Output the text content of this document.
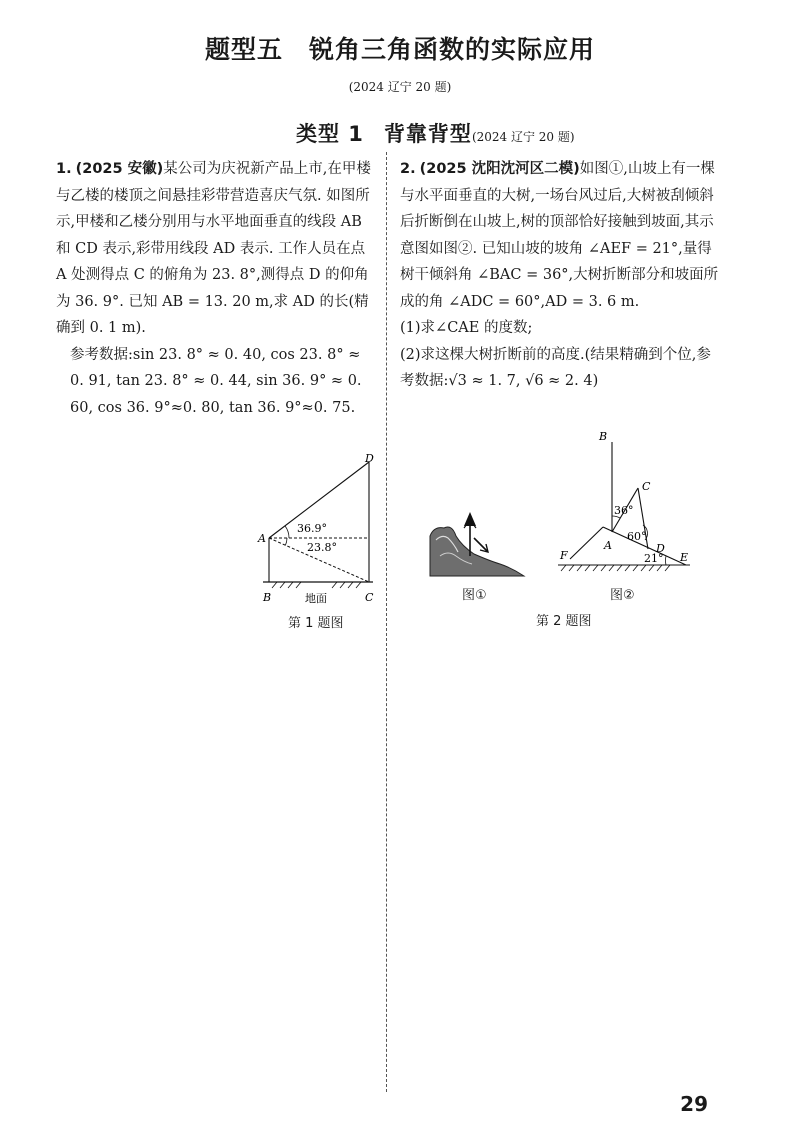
题型五 锐角三角函数的实际应用
(2024 辽宁 20 题)
类型 1 背靠背型(2024 辽宁 20 题)
1. (2025 安徽)某公司为庆祝新产品上市,在甲楼与乙楼的楼顶之间悬挂彩带营造喜庆气氛. 如图所示,甲楼和乙楼分别用与水平地面垂直的线段 AB 和 CD 表示,彩带用线段 AD 表示. 工作人员在点 A 处测得点 C 的俯角为 23. 8°,测得点 D 的仰角为 36. 9°. 已知 AB = 13. 20 m,求 AD 的长(精确到 0. 1 m).
参考数据:sin 23. 8° ≈ 0. 40, cos 23. 8° ≈ 0. 91, tan 23. 8° ≈ 0. 44, sin 36. 9° ≈ 0. 60, cos 36. 9°≈0. 80, tan 36. 9°≈0. 75.
D
A
B	C
地面
36.9°
23.8°
第 1 题图
2. (2025 沈阳沈河区二模)如图①,山坡上有一棵与水平面垂直的大树,一场台风过后,大树被刮倾斜后折断倒在山坡上,树的顶部恰好接触到坡面,其示意图如图②. 已知山坡的坡角 ∠AEF = 21°,量得树干倾斜角 ∠BAC = 36°,大树折断部分和坡面所成的角 ∠ADC = 60°,AD = 3. 6 m.
(1)求∠CAE 的度数;
(2)求这棵大树折断前的高度.(结果精确到个位,参考数据:√3 ≈ 1. 7, √6 ≈ 2. 4)
图①
B
C
A	D
E
F
36°
60°
21°
图②
第 2 题图
29
